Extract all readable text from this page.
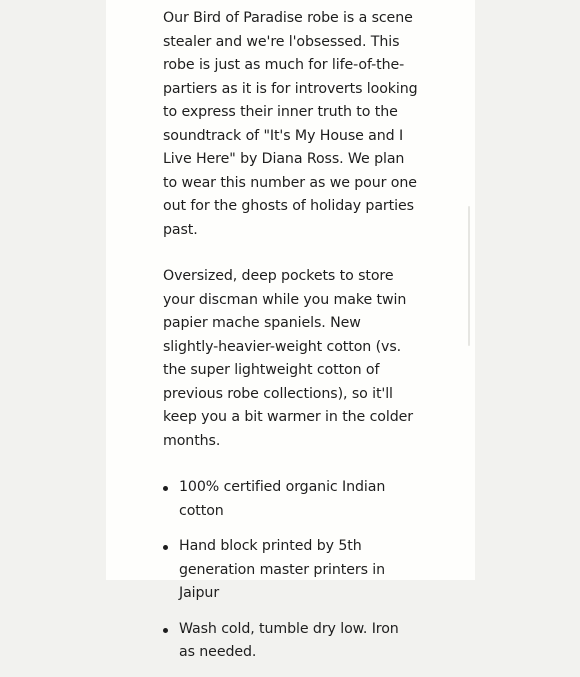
Our Bird of Paradise robe is a scene stealer and we're l'obsessed. This robe is just as much for life-of-the-partiers as it is for introverts looking to express their inner truth to the soundtrack of "It's My House and I Live Here" by Diana Ross. We plan to wear this number as we pour one out for the ghosts of holiday parties past.

Oversized, deep pockets to store your discman while you make twin papier mache spaniels. New slightly-heavier-weight cotton (vs. the super lightweight cotton of previous robe collections), so it'll keep you a bit warmer in the colder months.

100% certified organic Indian cotton
Hand block printed by 5th generation master printers in Jaipur
Wash cold, tumble dry low. Iron as needed.
